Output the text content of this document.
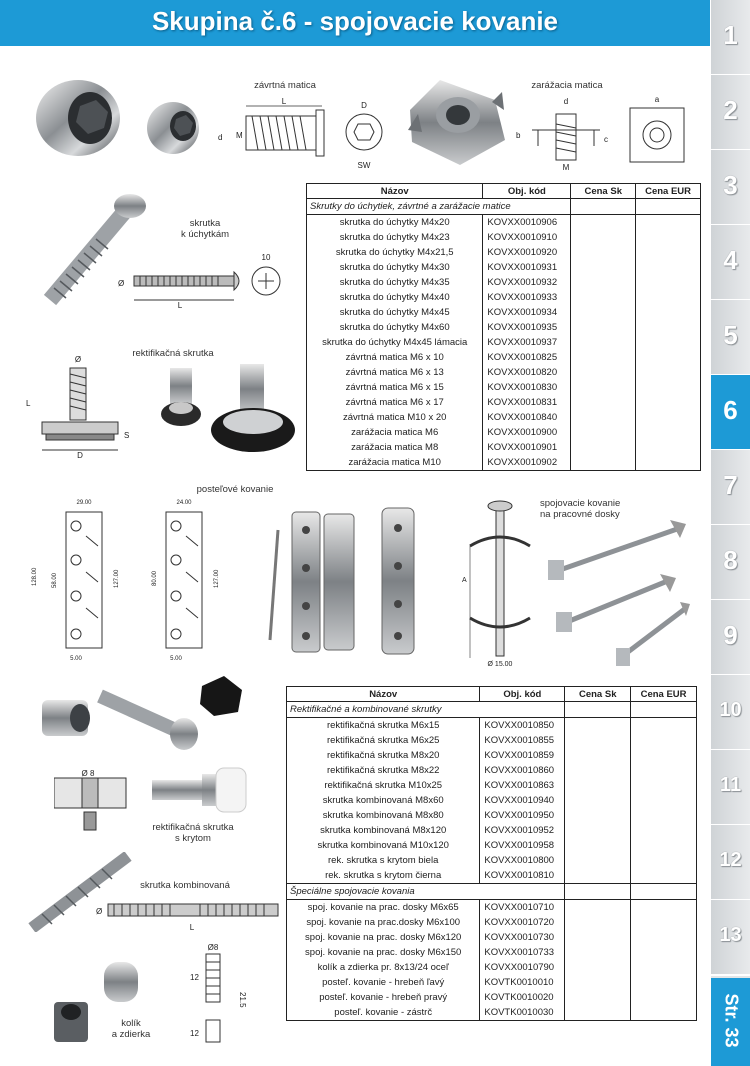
Skupina č.6 - spojovacie kovanie	1
2
3
4
5
6
7
8
9
10
11
12
13
Str. 33
závrtná matica
L
M
d
D
SW
zarážacia matica
d
M
b	c
a
skrutka
k úchytkám
L
Ø
10
rektifikačná skrutka
Ø
L
S
D
posteľové kovanie
29.00
128.00 58.00	127.00
5.00
24.00
80.00	127.00
5.00
A
Ø 15.00
spojovacie kovanie
na pracovné dosky
Ø 8
rektifikačná skrutka
s krytom
skrutka kombinovaná
Ø
L
kolík
a zdierka
Ø8
12
12
21.5
Názov	Obj. kód	Cena Sk	Cena EUR
Skrutky do úchytiek, závrtné a zarážacie matice			
skrutka do úchytky M4x20	KOVXX0010906		
skrutka do úchytky M4x23	KOVXX0010910		
skrutka do úchytky M4x21,5	KOVXX0010920		
skrutka do úchytky M4x30	KOVXX0010931		
skrutka do úchytky M4x35	KOVXX0010932		
skrutka do úchytky M4x40	KOVXX0010933		
skrutka do úchytky M4x45	KOVXX0010934		
skrutka do úchytky M4x60	KOVXX0010935		
skrutka do úchytky M4x45 lámacia	KOVXX0010937		
závrtná matica M6 x 10	KOVXX0010825		
závrtná matica M6 x 13	KOVXX0010820		
závrtná matica M6 x 15	KOVXX0010830		
závrtná matica M6 x 17	KOVXX0010831		
závrtná matica M10 x 20	KOVXX0010840		
zarážacia matica M6	KOVXX0010900		
zarážacia matica M8	KOVXX0010901		
zarážacia matica M10	KOVXX0010902		
Názov	Obj. kód	Cena Sk	Cena EUR
Rektifikačné a kombinované skrutky			
rektifikačná skrutka M6x15	KOVXX0010850		
rektifikačná skrutka M6x25	KOVXX0010855		
rektifikačná skrutka M8x20	KOVXX0010859		
rektifikačná skrutka M8x22	KOVXX0010860		
rektifikačná skrutka M10x25	KOVXX0010863		
skrutka kombinovaná M8x60	KOVXX0010940		
skrutka kombinovaná M8x80	KOVXX0010950		
skrutka kombinovaná M8x120	KOVXX0010952		
skrutka kombinovaná M10x120	KOVXX0010958		
rek. skrutka s krytom biela	KOVXX0010800		
rek. skrutka s krytom čierna	KOVXX0010810		
Špeciálne spojovacie kovania			
spoj. kovanie na prac. dosky M6x65	KOVXX0010710		
spoj. kovanie na prac.dosky M6x100	KOVXX0010720		
spoj. kovanie na prac. dosky M6x120	KOVXX0010730		
spoj. kovanie na prac. dosky M6x150	KOVXX0010733		
kolík a zdierka pr. 8x13/24 oceľ	KOVXX0010790		
posteľ. kovanie - hrebeň ľavý	KOVTK0010010		
posteľ. kovanie - hrebeň pravý	KOVTK0010020		
posteľ. kovanie - zástrč	KOVTK0010030		
